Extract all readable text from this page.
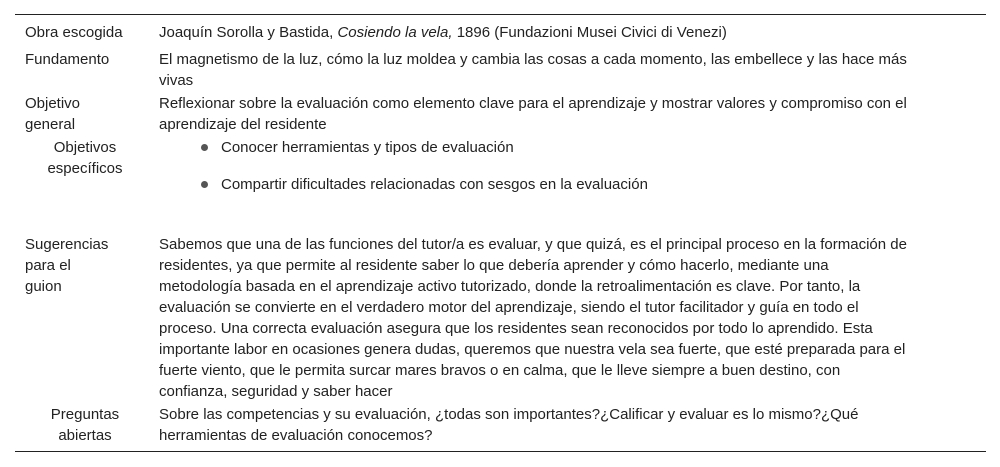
Obra escogida	Joaquín Sorolla y Bastida, Cosiendo la vela, 1896 (Fundazioni Musei Civici di Venezi)
Fundamento	El magnetismo de la luz, cómo la luz moldea y cambia las cosas a cada momento, las embellece y las hace más
vivas
Objetivo
general
Reflexionar sobre la evaluación como elemento clave para el aprendizaje y mostrar valores y compromiso con el
aprendizaje del residente
Objetivos
específicos
Conocer herramientas y tipos de evaluación
Compartir dificultades relacionadas con sesgos en la evaluación
Sugerencias
para el
guion
Sabemos que una de las funciones del tutor/a es evaluar, y que quizá, es el principal proceso en la formación de
residentes, ya que permite al residente saber lo que debería aprender y cómo hacerlo, mediante una
metodología basada en el aprendizaje activo tutorizado, donde la retroalimentación es clave. Por tanto, la
evaluación se convierte en el verdadero motor del aprendizaje, siendo el tutor facilitador y guía en todo el
proceso. Una correcta evaluación asegura que los residentes sean reconocidos por todo lo aprendido. Esta
importante labor en ocasiones genera dudas, queremos que nuestra vela sea fuerte, que esté preparada para el
fuerte viento, que le permita surcar mares bravos o en calma, que le lleve siempre a buen destino, con
confianza, seguridad y saber hacer
Preguntas
abiertas
Sobre las competencias y su evaluación, ¿todas son importantes?¿Calificar y evaluar es lo mismo?¿Qué
herramientas de evaluación conocemos?
